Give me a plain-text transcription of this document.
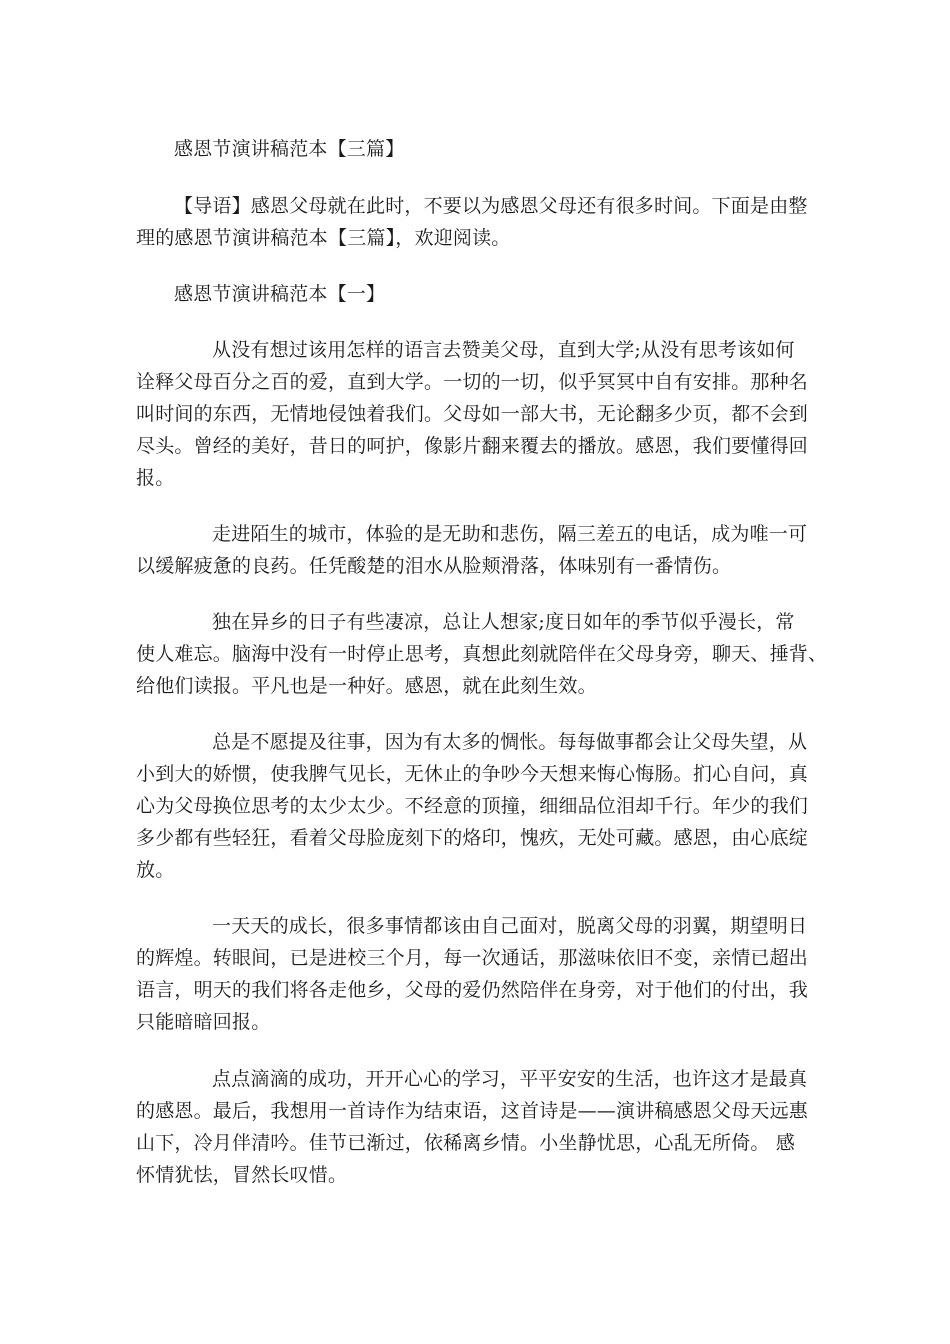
感恩节演讲稿范本【三篇】
【导语】感恩父母就在此时，不要以为感恩父母还有很多时间。下面是由整
理的感恩节演讲稿范本【三篇】，欢迎阅读。
感恩节演讲稿范本【一】
从没有想过该用怎样的语言去赞美父母，直到大学;从没有思考该如何
诠释父母百分之百的爱，直到大学。一切的一切，似乎冥冥中自有安排。那种名
叫时间的东西，无情地侵蚀着我们。父母如一部大书，无论翻多少页，都不会到
尽头。曾经的美好，昔日的呵护，像影片翻来覆去的播放。感恩，我们要懂得回
报。
走进陌生的城市，体验的是无助和悲伤，隔三差五的电话，成为唯一可
以缓解疲惫的良药。任凭酸楚的泪水从脸颊滑落，体味别有一番情伤。
独在异乡的日子有些凄凉，总让人想家;度日如年的季节似乎漫长，常
使人难忘。脑海中没有一时停止思考，真想此刻就陪伴在父母身旁，聊天、捶背、
给他们读报。平凡也是一种好。感恩，就在此刻生效。
总是不愿提及往事，因为有太多的惆怅。每每做事都会让父母失望，从
小到大的娇惯，使我脾气见长，无休止的争吵今天想来悔心悔肠。扪心自问，真
心为父母换位思考的太少太少。不经意的顶撞，细细品位泪却千行。年少的我们
多少都有些轻狂，看着父母脸庞刻下的烙印，愧疚，无处可藏。感恩，由心底绽
放。
一天天的成长，很多事情都该由自己面对，脱离父母的羽翼，期望明日
的辉煌。转眼间，已是进校三个月，每一次通话，那滋味依旧不变，亲情已超出
语言，明天的我们将各走他乡，父母的爱仍然陪伴在身旁，对于他们的付出，我
只能暗暗回报。
点点滴滴的成功，开开心心的学习，平平安安的生活，也许这才是最真
的感恩。最后，我想用一首诗作为结束语，这首诗是——演讲稿感恩父母天远惠
山下，冷月伴清吟。佳节已渐过，依稀离乡情。小坐静忧思，心乱无所倚。 感
怀情犹怯，冒然长叹惜。
